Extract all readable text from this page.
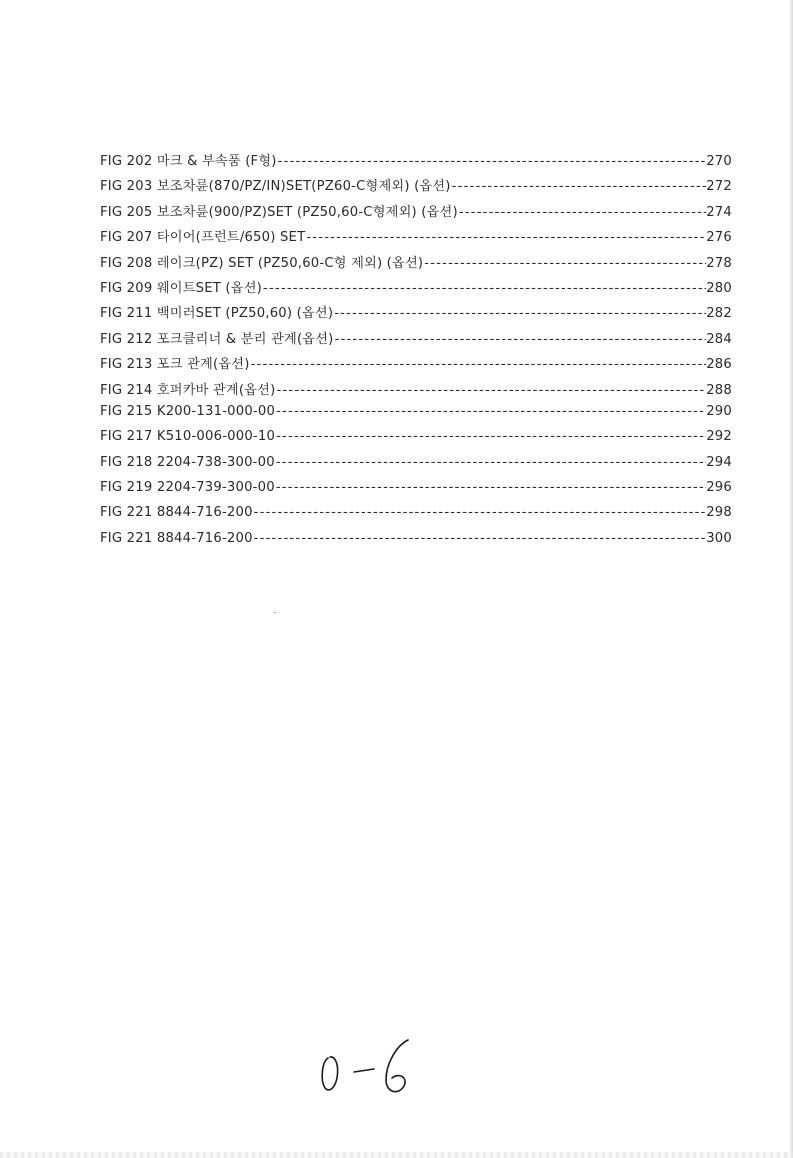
FIG 202 마크 & 부속품 (F형) -----	270
FIG 203 보조차륜(870/PZ/IN)SET(PZ60-C형제외) (옵션) -----	272
FIG 205 보조차륜(900/PZ)SET (PZ50,60-C형제외) (옵션) -----	274
FIG 207 타이어(프런트/650) SET -----	276
FIG 208 레이크(PZ) SET (PZ50,60-C형 제외) (옵션) -----	278
FIG 209 웨이트SET (옵션) -----	280
FIG 211 백미러SET (PZ50,60) (옵션) -----	282
FIG 212 포크클리너 & 분리 관계(옵션) -----	284
FIG 213 포크 관계(옵션) -----	286
FIG 214 호퍼카바 관계(옵션) -----	288
FIG 215 K200-131-000-00 -----	290
FIG 217 K510-006-000-10 -----	292
FIG 218 2204-738-300-00 -----	294
FIG 219 2204-739-300-00 -----	296
FIG 221 8844-716-200 -----	298
FIG 221 8844-716-200 -----	300
